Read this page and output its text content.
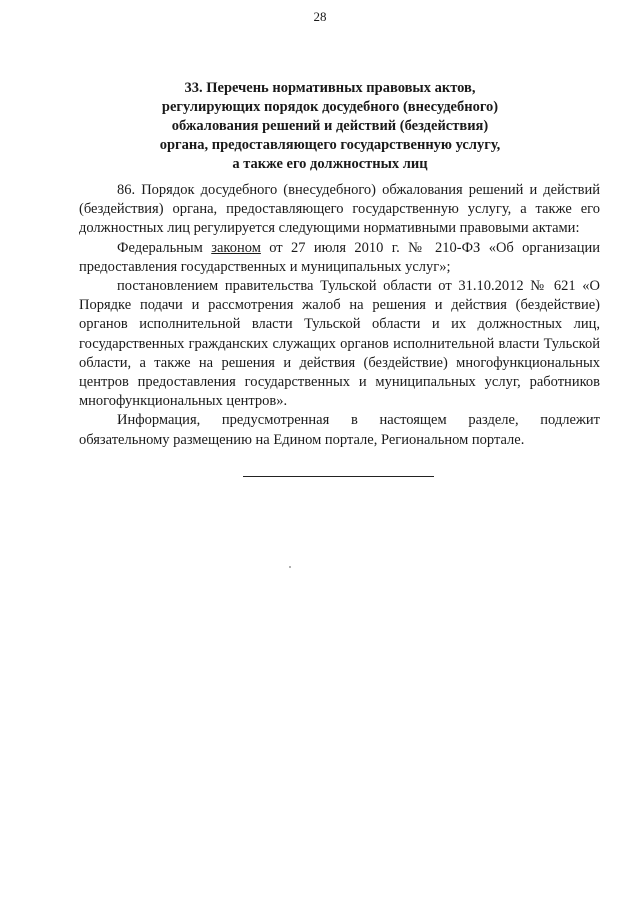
28
33. Перечень нормативных правовых актов,
регулирующих порядок досудебного (внесудебного)
обжалования решений и действий (бездействия)
органа, предоставляющего государственную услугу,
а также его должностных лиц

86. Порядок досудебного (внесудебного) обжалования решений и действий (бездействия) органа, предоставляющего государственную услугу, а также его должностных лиц регулируется следующими нормативными правовыми актами:

Федеральным законом от 27 июля 2010 г. № 210-ФЗ «Об организации предоставления государственных и муниципальных услуг»;

постановлением правительства Тульской области от 31.10.2012 № 621 «О Порядке подачи и рассмотрения жалоб на решения и действия (бездействие) органов исполнительной власти Тульской области и их должностных лиц, государственных гражданских служащих органов исполнительной власти Тульской области, а также на решения и действия (бездействие) многофункциональных центров предоставления государственных и муниципальных услуг, работников многофункциональных центров».

Информация, предусмотренная в настоящем разделе, подлежит обязательному размещению на Едином портале, Региональном портале.
